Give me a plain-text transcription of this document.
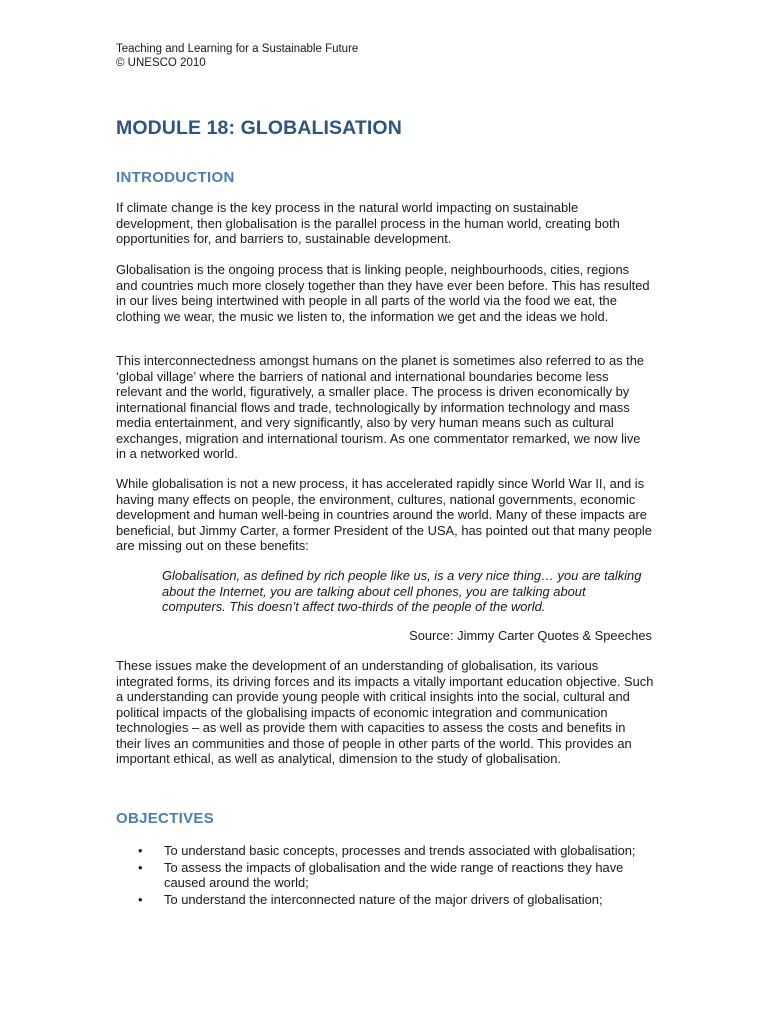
Teaching and Learning for a Sustainable Future
© UNESCO 2010
MODULE 18: GLOBALISATION
INTRODUCTION

If climate change is the key process in the natural world impacting on sustainable development, then globalisation is the parallel process in the human world, creating both opportunities for, and barriers to, sustainable development.

Globalisation is the ongoing process that is linking people, neighbourhoods, cities, regions and countries much more closely together than they have ever been before. This has resulted in our lives being intertwined with people in all parts of the world via the food we eat, the clothing we wear, the music we listen to, the information we get and the ideas we hold.

This interconnectedness amongst humans on the planet is sometimes also referred to as the ‘global village’ where the barriers of national and international boundaries become less relevant and the world, figuratively, a smaller place. The process is driven economically by international financial flows and trade, technologically by information technology and mass media entertainment, and very significantly, also by very human means such as cultural exchanges, migration and international tourism. As one commentator remarked, we now live in a networked world.

While globalisation is not a new process, it has accelerated rapidly since World War II, and is having many effects on people, the environment, cultures, national governments, economic development and human well-being in countries around the world. Many of these impacts are beneficial, but Jimmy Carter, a former President of the USA, has pointed out that many people are missing out on these benefits:

Globalisation, as defined by rich people like us, is a very nice thing… you are talking about the Internet, you are talking about cell phones, you are talking about computers. This doesn’t affect two-thirds of the people of the world.

Source: Jimmy Carter Quotes & Speeches

These issues make the development of an understanding of globalisation, its various integrated forms, its driving forces and its impacts a vitally important education objective. Such a understanding can provide young people with critical insights into the social, cultural and political impacts of the globalising impacts of economic integration and communication technologies – as well as provide them with capacities to assess the costs and benefits in their lives an communities and those of people in other parts of the world. This provides an important ethical, as well as analytical, dimension to the study of globalisation.

OBJECTIVES
• To understand basic concepts, processes and trends associated with globalisation;
• To assess the impacts of globalisation and the wide range of reactions they have caused around the world;
• To understand the interconnected nature of the major drivers of globalisation;
